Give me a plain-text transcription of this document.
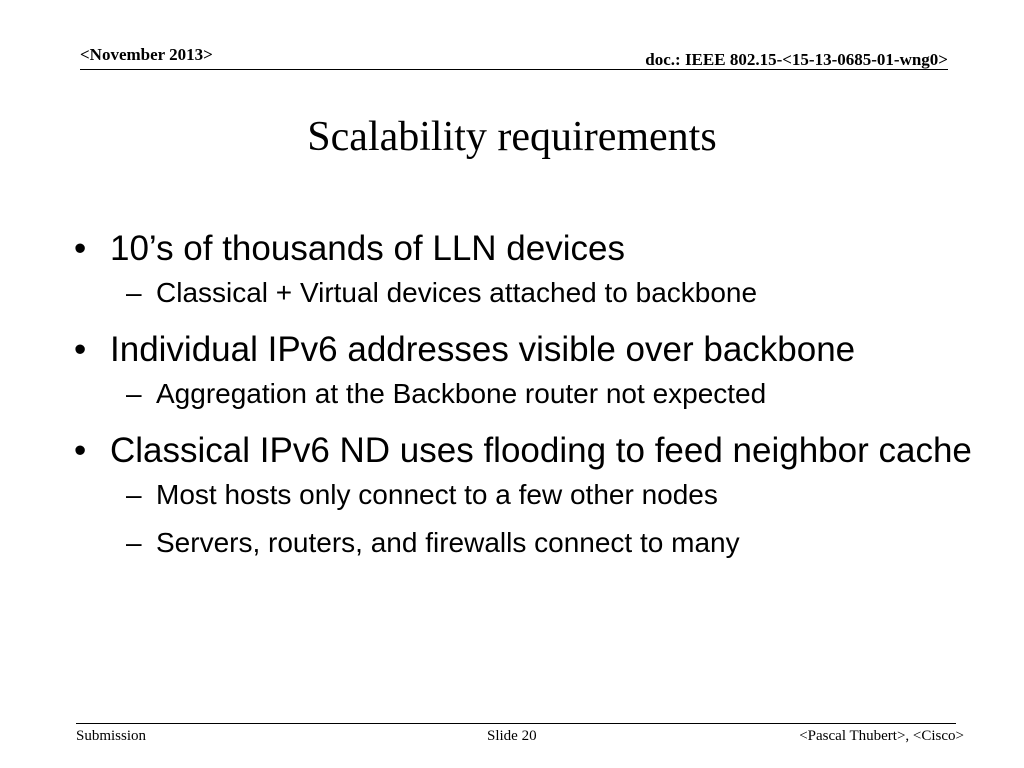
<November 2013>	doc.: IEEE 802.15-<15-13-0685-01-wng0>
Scalability requirements
• 10’s of thousands of LLN devices
– Classical + Virtual devices attached to backbone
• Individual IPv6 addresses visible over backbone
– Aggregation at the Backbone router not expected
• Classical IPv6 ND uses flooding to feed neighbor cache
– Most hosts only connect to a few other nodes
– Servers, routers, and firewalls connect to many
Submission	Slide 20	<Pascal Thubert>, <Cisco>
